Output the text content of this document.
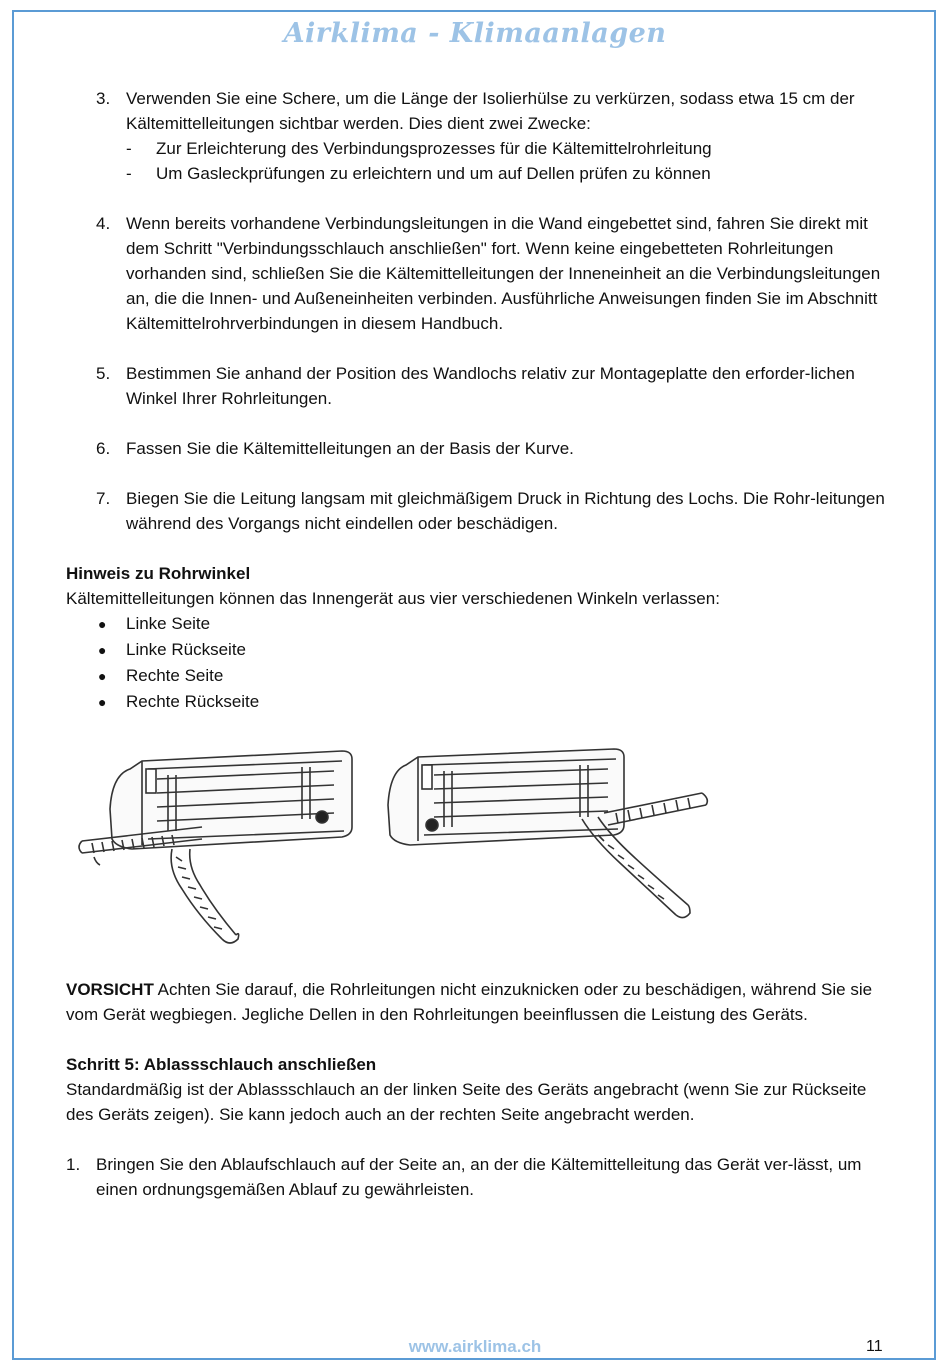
Airklima - Klimaanlagen
3. Verwenden Sie eine Schere, um die Länge der Isolierhülse zu verkürzen, sodass etwa 15 cm der Kältemittelleitungen sichtbar werden. Dies dient zwei Zwecke:
- Zur Erleichterung des Verbindungsprozesses für die Kältemittelrohrleitung
- Um Gasleckprüfungen zu erleichtern und um auf Dellen prüfen zu können
4. Wenn bereits vorhandene Verbindungsleitungen in die Wand eingebettet sind, fahren Sie direkt mit dem Schritt "Verbindungsschlauch anschließen" fort. Wenn keine eingebetteten Rohrleitungen vorhanden sind, schließen Sie die Kältemittelleitungen der Inneneinheit an die Verbindungsleitungen an, die die Innen- und Außeneinheiten verbinden. Ausführliche Anweisungen finden Sie im Abschnitt Kältemittelrohrverbindungen in diesem Handbuch.
5. Bestimmen Sie anhand der Position des Wandlochs relativ zur Montageplatte den erforder-lichen Winkel Ihrer Rohrleitungen.
6. Fassen Sie die Kältemittelleitungen an der Basis der Kurve.
7. Biegen Sie die Leitung langsam mit gleichmäßigem Druck in Richtung des Lochs. Die Rohr-leitungen während des Vorgangs nicht eindellen oder beschädigen.
Hinweis zu Rohrwinkel
Kältemittelleitungen können das Innengerät aus vier verschiedenen Winkeln verlassen:
● Linke Seite
● Linke Rückseite
● Rechte Seite
● Rechte Rückseite
VORSICHT Achten Sie darauf, die Rohrleitungen nicht einzuknicken oder zu beschädigen, während Sie sie vom Gerät wegbiegen. Jegliche Dellen in den Rohrleitungen beeinflussen die Leistung des Geräts.
Schritt 5: Ablassschlauch anschließen
Standardmäßig ist der Ablassschlauch an der linken Seite des Geräts angebracht (wenn Sie zur Rückseite des Geräts zeigen). Sie kann jedoch auch an der rechten Seite angebracht werden.
1. Bringen Sie den Ablaufschlauch auf der Seite an, an der die Kältemittelleitung das Gerät ver-lässt, um einen ordnungsgemäßen Ablauf zu gewährleisten.
www.airklima.ch	11
